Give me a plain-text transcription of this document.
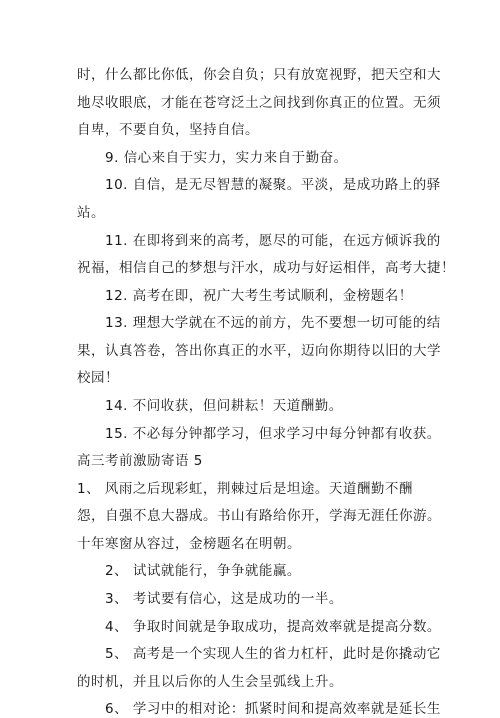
时，什么都比你低，你会自负；只有放宽视野，把天空和大
地尽收眼底，才能在苍穹泛土之间找到你真正的位置。无须
自卑，不要自负，坚持自信。
9. 信心来自于实力，实力来自于勤奋。
10. 自信，是无尽智慧的凝聚。平淡，是成功路上的驿
站。
11. 在即将到来的高考，愿尽的可能，在远方倾诉我的
祝福，相信自己的梦想与汗水，成功与好运相伴，高考大捷！
12. 高考在即，祝广大考生考试顺利，金榜题名！
13. 理想大学就在不远的前方，先不要想一切可能的结
果，认真答卷，答出你真正的水平，迈向你期待以旧的大学
校园！
14. 不问收获，但问耕耘！天道酬勤。
15. 不必每分钟都学习，但求学习中每分钟都有收获。
高三考前激励寄语 5
1、 风雨之后现彩虹，荆棘过后是坦途。天道酬勤不酬
怨，自强不息大器成。书山有路给你开，学海无涯任你游。
十年寒窗从容过，金榜题名在明朝。
2、 试试就能行，争争就能赢。
3、 考试要有信心，这是成功的一半。
4、 争取时间就是争取成功，提高效率就是提高分数。
5、 高考是一个实现人生的省力杠杆，此时是你撬动它
的时机，并且以后你的人生会呈弧线上升。
6、 学习中的相对论：抓紧时间和提高效率就是延长生
